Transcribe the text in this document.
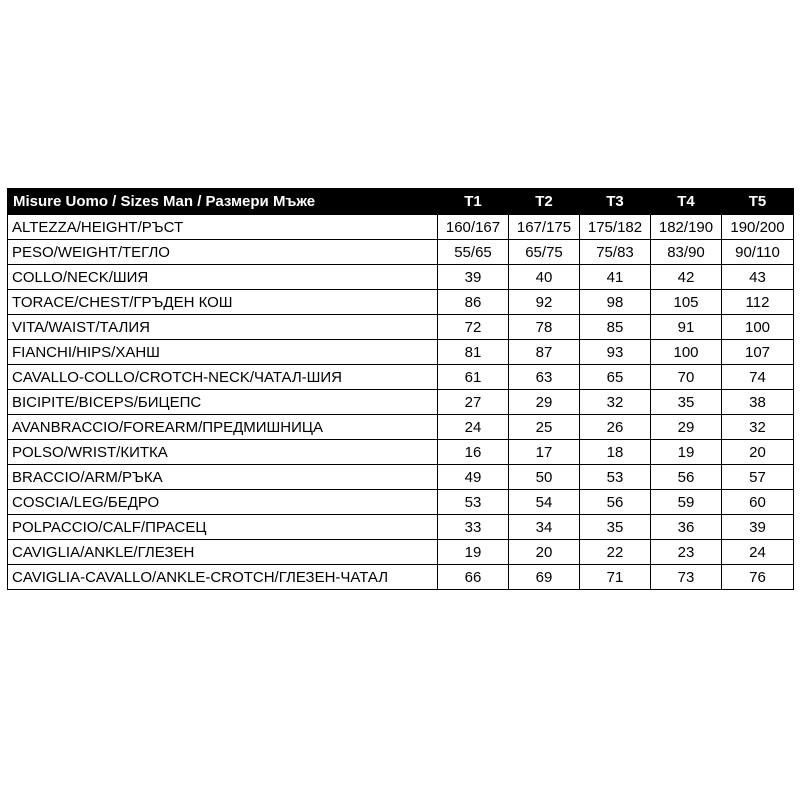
Misure Uomo / Sizes Man / Размери Мъже	T1	T2	T3	T4	T5
ALTEZZA/HEIGHT/РЪСТ	160/167	167/175	175/182	182/190	190/200
PESO/WEIGHT/ТЕГЛО	55/65	65/75	75/83	83/90	90/110
COLLO/NECK/ШИЯ	39	40	41	42	43
TORACE/CHEST/ГРЪДЕН КОШ	86	92	98	105	112
VITA/WAIST/ТАЛИЯ	72	78	85	91	100
FIANCHI/HIPS/ХАНШ	81	87	93	100	107
CAVALLO-COLLO/CROTCH-NECK/ЧАТАЛ-ШИЯ	61	63	65	70	74
BICIPITE/BICEPS/БИЦЕПС	27	29	32	35	38
AVANBRACCIO/FOREARM/ПРЕДМИШНИЦА	24	25	26	29	32
POLSO/WRIST/КИТКА	16	17	18	19	20
BRACCIO/ARM/РЪКА	49	50	53	56	57
COSCIA/LEG/БЕДРО	53	54	56	59	60
POLPACCIO/CALF/ПРАСЕЦ	33	34	35	36	39
CAVIGLIA/ANKLE/ГЛЕЗЕН	19	20	22	23	24
CAVIGLIA-CAVALLO/ANKLE-CROTCH/ГЛЕЗЕН-ЧАТАЛ	66	69	71	73	76
